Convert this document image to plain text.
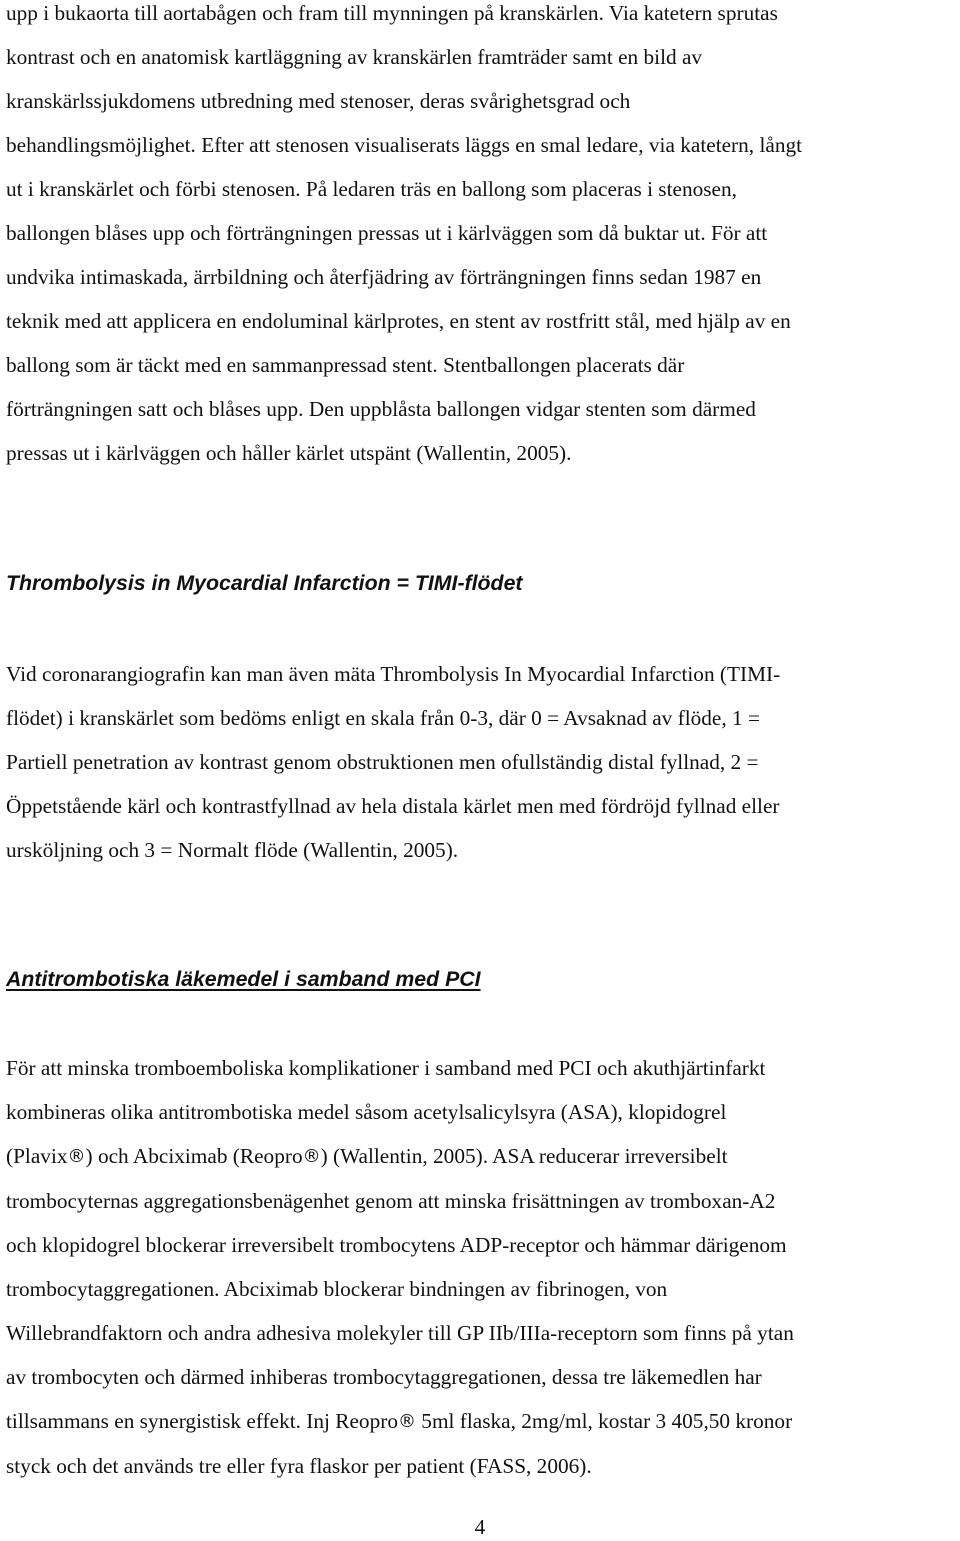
upp i bukaorta till aortabågen och fram till mynningen på kranskärlen. Via katetern sprutas
kontrast och en anatomisk kartläggning av kranskärlen framträder samt en bild av
kranskärlssjukdomens utbredning med stenoser, deras svårighetsgrad och
behandlingsmöjlighet. Efter att stenosen visualiserats läggs en smal ledare, via katetern, långt
ut i kranskärlet och förbi stenosen. På ledaren träs en ballong som placeras i stenosen,
ballongen blåses upp och förträngningen pressas ut i kärlväggen som då buktar ut. För att
undvika intimaskada, ärrbildning och återfjädring av förträngningen finns sedan 1987 en
teknik med att applicera en endoluminal kärlprotes, en stent av rostfritt stål, med hjälp av en
ballong som är täckt med en sammanpressad stent. Stentballongen placerats där
förträngningen satt och blåses upp. Den uppblåsta ballongen vidgar stenten som därmed
pressas ut i kärlväggen och håller kärlet utspänt (Wallentin, 2005).

Thrombolysis in Myocardial Infarction = TIMI-flödet

Vid coronarangiografin kan man även mäta Thrombolysis In Myocardial Infarction (TIMI-
flödet) i kranskärlet som bedöms enligt en skala från 0-3, där 0 = Avsaknad av flöde, 1 =
Partiell penetration av kontrast genom obstruktionen men ofullständig distal fyllnad, 2 =
Öppetstående kärl och kontrastfyllnad av hela distala kärlet men med fördröjd fyllnad eller
ursköljning och 3 = Normalt flöde (Wallentin, 2005).

Antitrombotiska läkemedel i samband med PCI

För att minska tromboemboliska komplikationer i samband med PCI och akuthjärtinfarkt
kombineras olika antitrombotiska medel såsom acetylsalicylsyra (ASA), klopidogrel
(Plavix®) och Abciximab (Reopro®) (Wallentin, 2005). ASA reducerar irreversibelt
trombocyternas aggregationsbenägenhet genom att minska frisättningen av tromboxan-A2
och klopidogrel blockerar irreversibelt trombocytens ADP-receptor och hämmar därigenom
trombocytaggregationen. Abciximab blockerar bindningen av fibrinogen, von
Willebrandfaktorn och andra adhesiva molekyler till GP IIb/IIIa-receptorn som finns på ytan
av trombocyten och därmed inhiberas trombocytaggregationen, dessa tre läkemedlen har
tillsammans en synergistisk effekt. Inj Reopro® 5ml flaska, 2mg/ml, kostar 3 405,50 kronor
styck och det används tre eller fyra flaskor per patient (FASS, 2006).

4
